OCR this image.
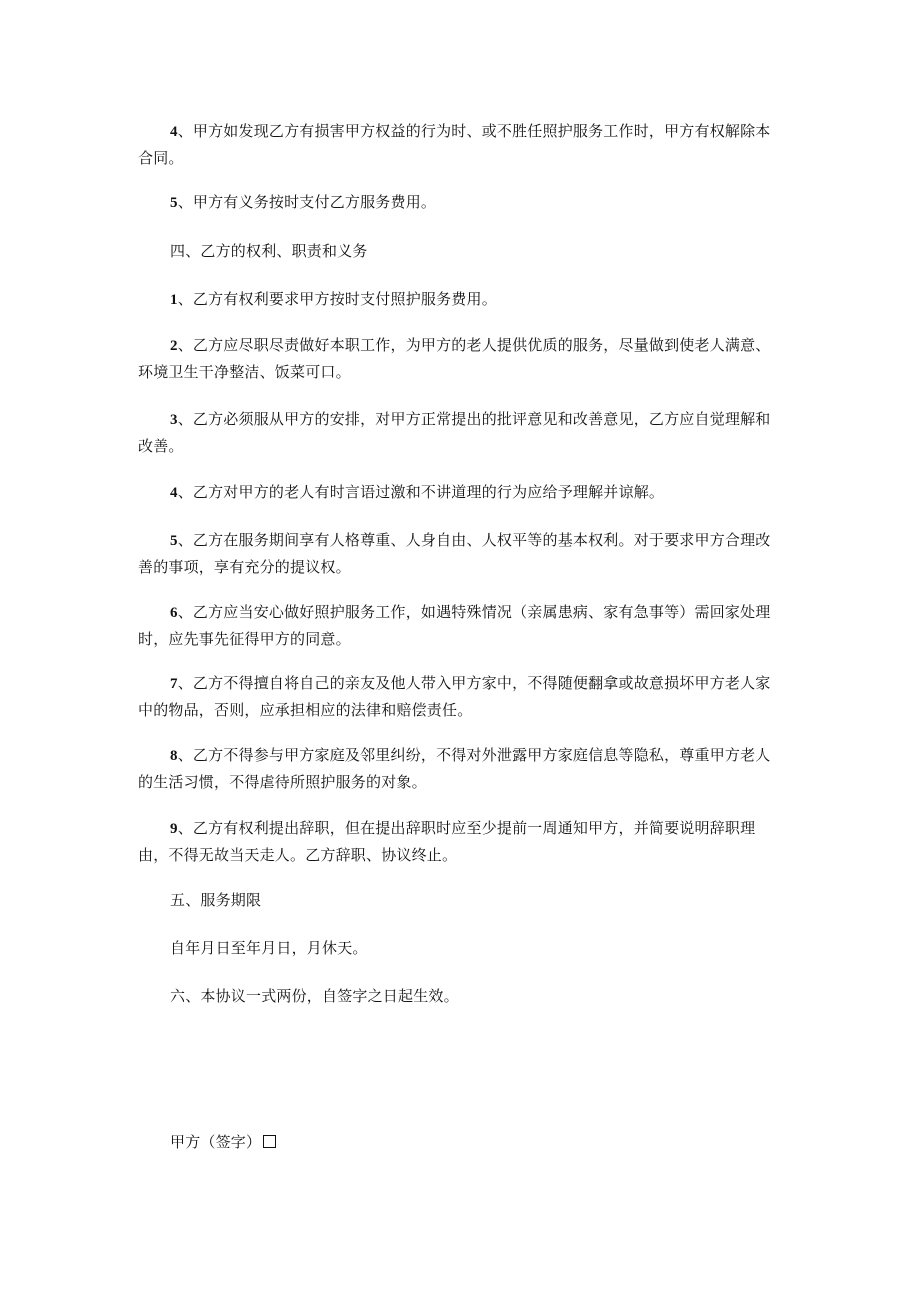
4、甲方如发现乙方有损害甲方权益的行为时、或不胜任照护服务工作时，甲方有权解除本合同。

5、甲方有义务按时支付乙方服务费用。

四、乙方的权利、职责和义务

1、乙方有权利要求甲方按时支付照护服务费用。

2、乙方应尽职尽责做好本职工作，为甲方的老人提供优质的服务，尽量做到使老人满意、环境卫生干净整洁、饭菜可口。

3、乙方必须服从甲方的安排，对甲方正常提出的批评意见和改善意见，乙方应自觉理解和改善。

4、乙方对甲方的老人有时言语过激和不讲道理的行为应给予理解并谅解。

5、乙方在服务期间享有人格尊重、人身自由、人权平等的基本权利。对于要求甲方合理改善的事项，享有充分的提议权。

6、乙方应当安心做好照护服务工作，如遇特殊情况（亲属患病、家有急事等）需回家处理时，应先事先征得甲方的同意。

7、乙方不得擅自将自己的亲友及他人带入甲方家中，不得随便翻拿或故意损坏甲方老人家中的物品，否则，应承担相应的法律和赔偿责任。

8、乙方不得参与甲方家庭及邻里纠纷，不得对外泄露甲方家庭信息等隐私，尊重甲方老人的生活习惯，不得虐待所照护服务的对象。

9、乙方有权利提出辞职，但在提出辞职时应至少提前一周通知甲方，并简要说明辞职理由，不得无故当天走人。乙方辞职、协议终止。

五、服务期限

自年月日至年月日，月休天。

六、本协议一式两份，自签字之日起生效。

甲方（签字）
